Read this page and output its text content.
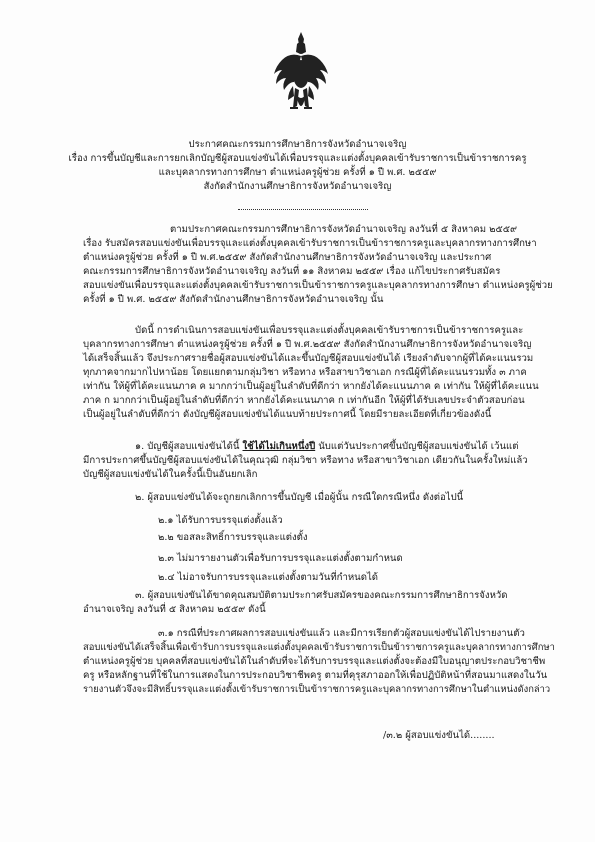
ประกาศคณะกรรมการศึกษาธิการจังหวัดอำนาจเจริญ
เรื่อง การขึ้นบัญชีและการยกเลิกบัญชีผู้สอบแข่งขันได้เพื่อบรรจุและแต่งตั้งบุคคลเข้ารับราชการเป็นข้าราชการครู
และบุคลากรทางการศึกษา ตำแหน่งครูผู้ช่วย ครั้งที่ ๑ ปี พ.ศ. ๒๕๕๙
สังกัดสำนักงานศึกษาธิการจังหวัดอำนาจเจริญ
ตามประกาศคณะกรรมการศึกษาธิการจังหวัดอำนาจเจริญ ลงวันที่ ๕ สิงหาคม ๒๕๕๙
เรื่อง รับสมัครสอบแข่งขันเพื่อบรรจุและแต่งตั้งบุคคลเข้ารับราชการเป็นข้าราชการครูและบุคลากรทางการศึกษา
ตำแหน่งครูผู้ช่วย ครั้งที่ ๑ ปี พ.ศ.๒๕๕๙ สังกัดสำนักงานศึกษาธิการจังหวัดอำนาจเจริญ และประกาศ
คณะกรรมการศึกษาธิการจังหวัดอำนาจเจริญ ลงวันที่ ๑๑ สิงหาคม ๒๕๕๙ เรื่อง แก้ไขประกาศรับสมัคร
สอบแข่งขันเพื่อบรรจุและแต่งตั้งบุคคลเข้ารับราชการเป็นข้าราชการครูและบุคลากรทางการศึกษา ตำแหน่งครูผู้ช่วย
ครั้งที่ ๑ ปี พ.ศ. ๒๕๕๙ สังกัดสำนักงานศึกษาธิการจังหวัดอำนาจเจริญ นั้น
บัดนี้ การดำเนินการสอบแข่งขันเพื่อบรรจุและแต่งตั้งบุคคลเข้ารับราชการเป็นข้าราชการครูและ
บุคลากรทางการศึกษา ตำแหน่งครูผู้ช่วย ครั้งที่ ๑ ปี พ.ศ.๒๕๕๙ สังกัดสำนักงานศึกษาธิการจังหวัดอำนาจเจริญ
ได้เสร็จสิ้นแล้ว จึงประกาศรายชื่อผู้สอบแข่งขันได้และขึ้นบัญชีผู้สอบแข่งขันได้ เรียงลำดับจากผู้ที่ได้คะแนนรวม
ทุกภาคจากมากไปหาน้อย โดยแยกตามกลุ่มวิชา หรือทาง หรือสาขาวิชาเอก กรณีผู้ที่ได้คะแนนรวมทั้ง ๓ ภาค
เท่ากัน ให้ผู้ที่ได้คะแนนภาค ค มากกว่าเป็นผู้อยู่ในลำดับที่ดีกว่า หากยังได้คะแนนภาค ค เท่ากัน ให้ผู้ที่ได้คะแนน
ภาค ก มากกว่าเป็นผู้อยู่ในลำดับที่ดีกว่า หากยังได้คะแนนภาค ก เท่ากันอีก ให้ผู้ที่ได้รับเลขประจำตัวสอบก่อน
เป็นผู้อยู่ในลำดับที่ดีกว่า ดังบัญชีผู้สอบแข่งขันได้แนบท้ายประกาศนี้ โดยมีรายละเอียดที่เกี่ยวข้องดังนี้
๑. บัญชีผู้สอบแข่งขันได้นี้ ใช้ได้ไม่เกินหนึ่งปี นับแต่วันประกาศขึ้นบัญชีผู้สอบแข่งขันได้ เว้นแต่
มีการประกาศขึ้นบัญชีผู้สอบแข่งขันได้ในคุณวุฒิ กลุ่มวิชา หรือทาง หรือสาขาวิชาเอก เดียวกันในครั้งใหม่แล้ว
บัญชีผู้สอบแข่งขันได้ในครั้งนี้เป็นอันยกเลิก
๒. ผู้สอบแข่งขันได้จะถูกยกเลิกการขึ้นบัญชี เมื่อผู้นั้น กรณีใดกรณีหนึ่ง ดังต่อไปนี้
๒.๑ ได้รับการบรรจุแต่งตั้งแล้ว
๒.๒ ขอสละสิทธิ์การบรรจุและแต่งตั้ง
๒.๓ ไม่มารายงานตัวเพื่อรับการบรรจุและแต่งตั้งตามกำหนด
๒.๔ ไม่อาจรับการบรรจุและแต่งตั้งตามวันที่กำหนดได้
๓. ผู้สอบแข่งขันได้ขาดคุณสมบัติตามประกาศรับสมัครของคณะกรรมการศึกษาธิการจังหวัด
อำนาจเจริญ ลงวันที่ ๕ สิงหาคม ๒๕๕๙ ดังนี้
๓.๑ กรณีที่ประกาศผลการสอบแข่งขันแล้ว และมีการเรียกตัวผู้สอบแข่งขันได้ไปรายงานตัว
สอบแข่งขันได้เสร็จสิ้นเพื่อเข้ารับการบรรจุและแต่งตั้งบุคคลเข้ารับราชการเป็นข้าราชการครูและบุคลากรทางการศึกษา
ตำแหน่งครูผู้ช่วย บุคคลที่สอบแข่งขันได้ในลำดับที่จะได้รับการบรรจุและแต่งตั้งจะต้องมีใบอนุญาตประกอบวิชาชีพ
ครู หรือหลักฐานที่ใช้ในการแสดงในการประกอบวิชาชีพครู ตามที่คุรุสภาออกให้เพื่อปฏิบัติหน้าที่สอนมาแสดงในวัน
รายงานตัวจึงจะมีสิทธิ์บรรจุและแต่งตั้งเข้ารับราชการเป็นข้าราชการครูและบุคลากรทางการศึกษาในตำแหน่งดังกล่าว
/๓.๒ ผู้สอบแข่งขันได้........
